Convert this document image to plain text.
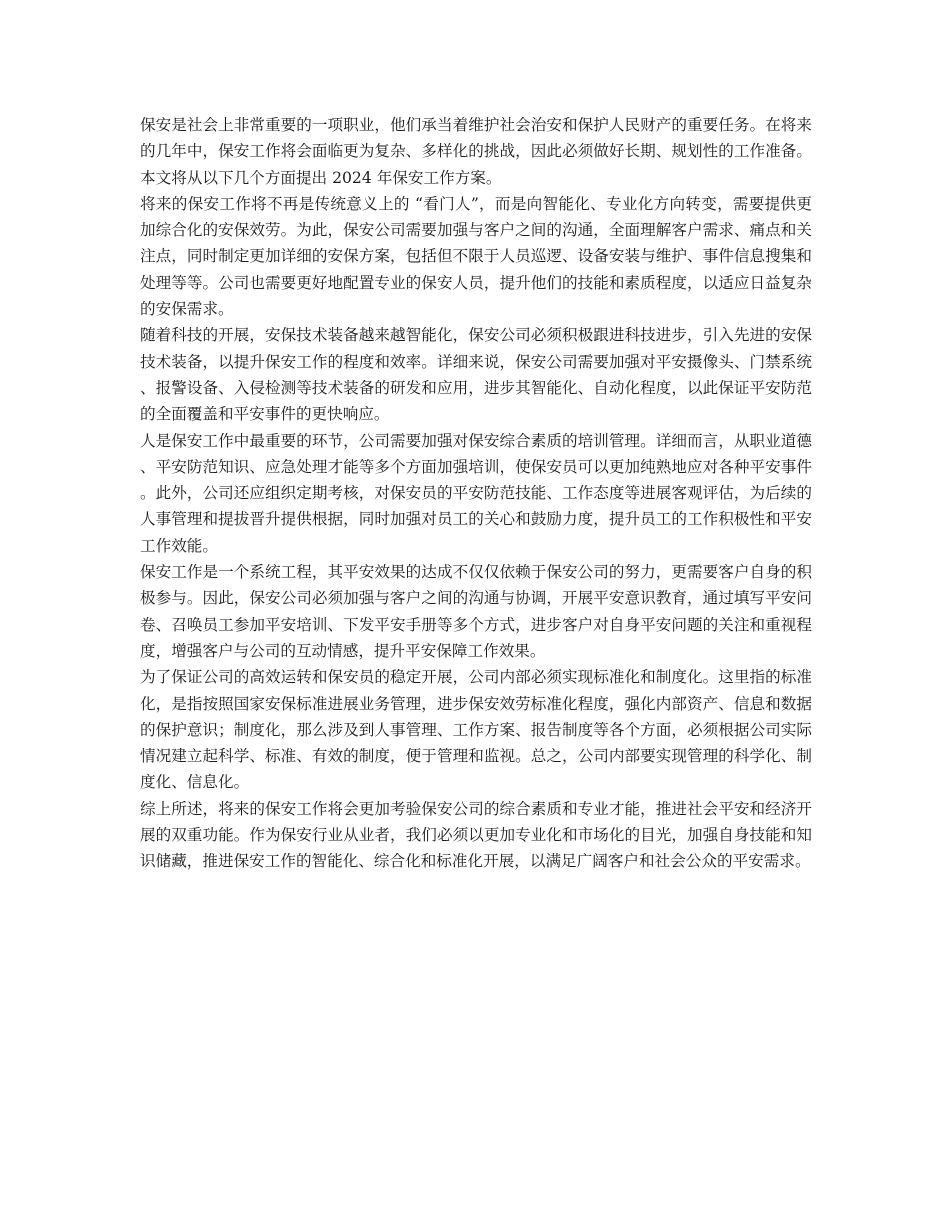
保安是社会上非常重要的一项职业，他们承当着维护社会治安和保护人民财产的重要任务。在将来的几年中，保安工作将会面临更为复杂、多样化的挑战，因此必须做好长期、规划性的工作准备。本文将从以下几个方面提出 2024 年保安工作方案。

将来的保安工作将不再是传统意义上的 “看门人”，而是向智能化、专业化方向转变，需要提供更加综合化的安保效劳。为此，保安公司需要加强与客户之间的沟通，全面理解客户需求、痛点和关注点，同时制定更加详细的安保方案，包括但不限于人员巡逻、设备安装与维护、事件信息搜集和处理等等。公司也需要更好地配置专业的保安人员，提升他们的技能和素质程度，以适应日益复杂的安保需求。

随着科技的开展，安保技术装备越来越智能化，保安公司必须积极跟进科技进步，引入先进的安保技术装备，以提升保安工作的程度和效率。详细来说，保安公司需要加强对平安摄像头、门禁系统、报警设备、入侵检测等技术装备的研发和应用，进步其智能化、自动化程度，以此保证平安防范的全面覆盖和平安事件的更快响应。

人是保安工作中最重要的环节，公司需要加强对保安综合素质的培训管理。详细而言，从职业道德、平安防范知识、应急处理才能等多个方面加强培训，使保安员可以更加纯熟地应对各种平安事件。此外，公司还应组织定期考核，对保安员的平安防范技能、工作态度等进展客观评估，为后续的人事管理和提拔晋升提供根据，同时加强对员工的关心和鼓励力度，提升员工的工作积极性和平安工作效能。

保安工作是一个系统工程，其平安效果的达成不仅仅依赖于保安公司的努力，更需要客户自身的积极参与。因此，保安公司必须加强与客户之间的沟通与协调，开展平安意识教育，通过填写平安问卷、召唤员工参加平安培训、下发平安手册等多个方式，进步客户对自身平安问题的关注和重视程度，增强客户与公司的互动情感，提升平安保障工作效果。

为了保证公司的高效运转和保安员的稳定开展，公司内部必须实现标准化和制度化。这里指的标准化，是指按照国家安保标准进展业务管理，进步保安效劳标准化程度，强化内部资产、信息和数据的保护意识；制度化，那么涉及到人事管理、工作方案、报告制度等各个方面，必须根据公司实际情况建立起科学、标准、有效的制度，便于管理和监视。总之，公司内部要实现管理的科学化、制度化、信息化。

综上所述，将来的保安工作将会更加考验保安公司的综合素质和专业才能，推进社会平安和经济开展的双重功能。作为保安行业从业者，我们必须以更加专业化和市场化的目光，加强自身技能和知识储藏，推进保安工作的智能化、综合化和标准化开展，以满足广阔客户和社会公众的平安需求。
